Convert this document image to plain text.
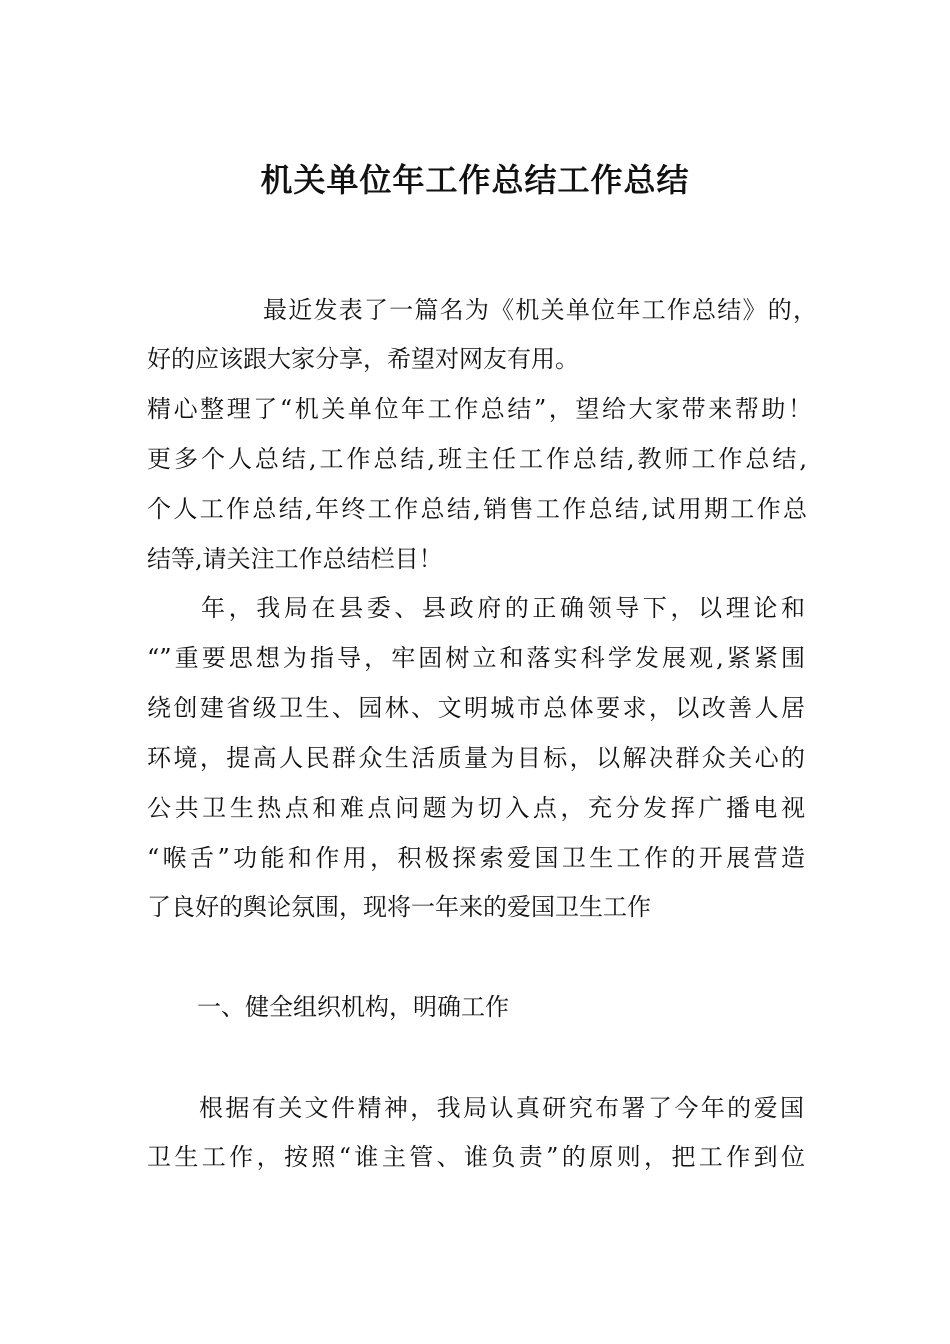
机关单位年工作总结工作总结
最近发表了一篇名为《机关单位年工作总结》的，
好的应该跟大家分享，希望对网友有用。
精心整理了“机关单位年工作总结”，望给大家带来帮助！
更多个人总结,工作总结,班主任工作总结,教师工作总结,
个人工作总结,年终工作总结,销售工作总结,试用期工作总
结等,请关注工作总结栏目！
年，我局在县委、县政府的正确领导下，以理论和
“”重要思想为指导，牢固树立和落实科学发展观,紧紧围
绕创建省级卫生、园林、文明城市总体要求，以改善人居
环境，提高人民群众生活质量为目标，以解决群众关心的
公共卫生热点和难点问题为切入点，充分发挥广播电视
“喉舌”功能和作用，积极探索爱国卫生工作的开展营造
了良好的舆论氛围，现将一年来的爱国卫生工作
一、健全组织机构，明确工作
根据有关文件精神，我局认真研究布署了今年的爱国
卫生工作，按照“谁主管、谁负责”的原则，把工作到位
